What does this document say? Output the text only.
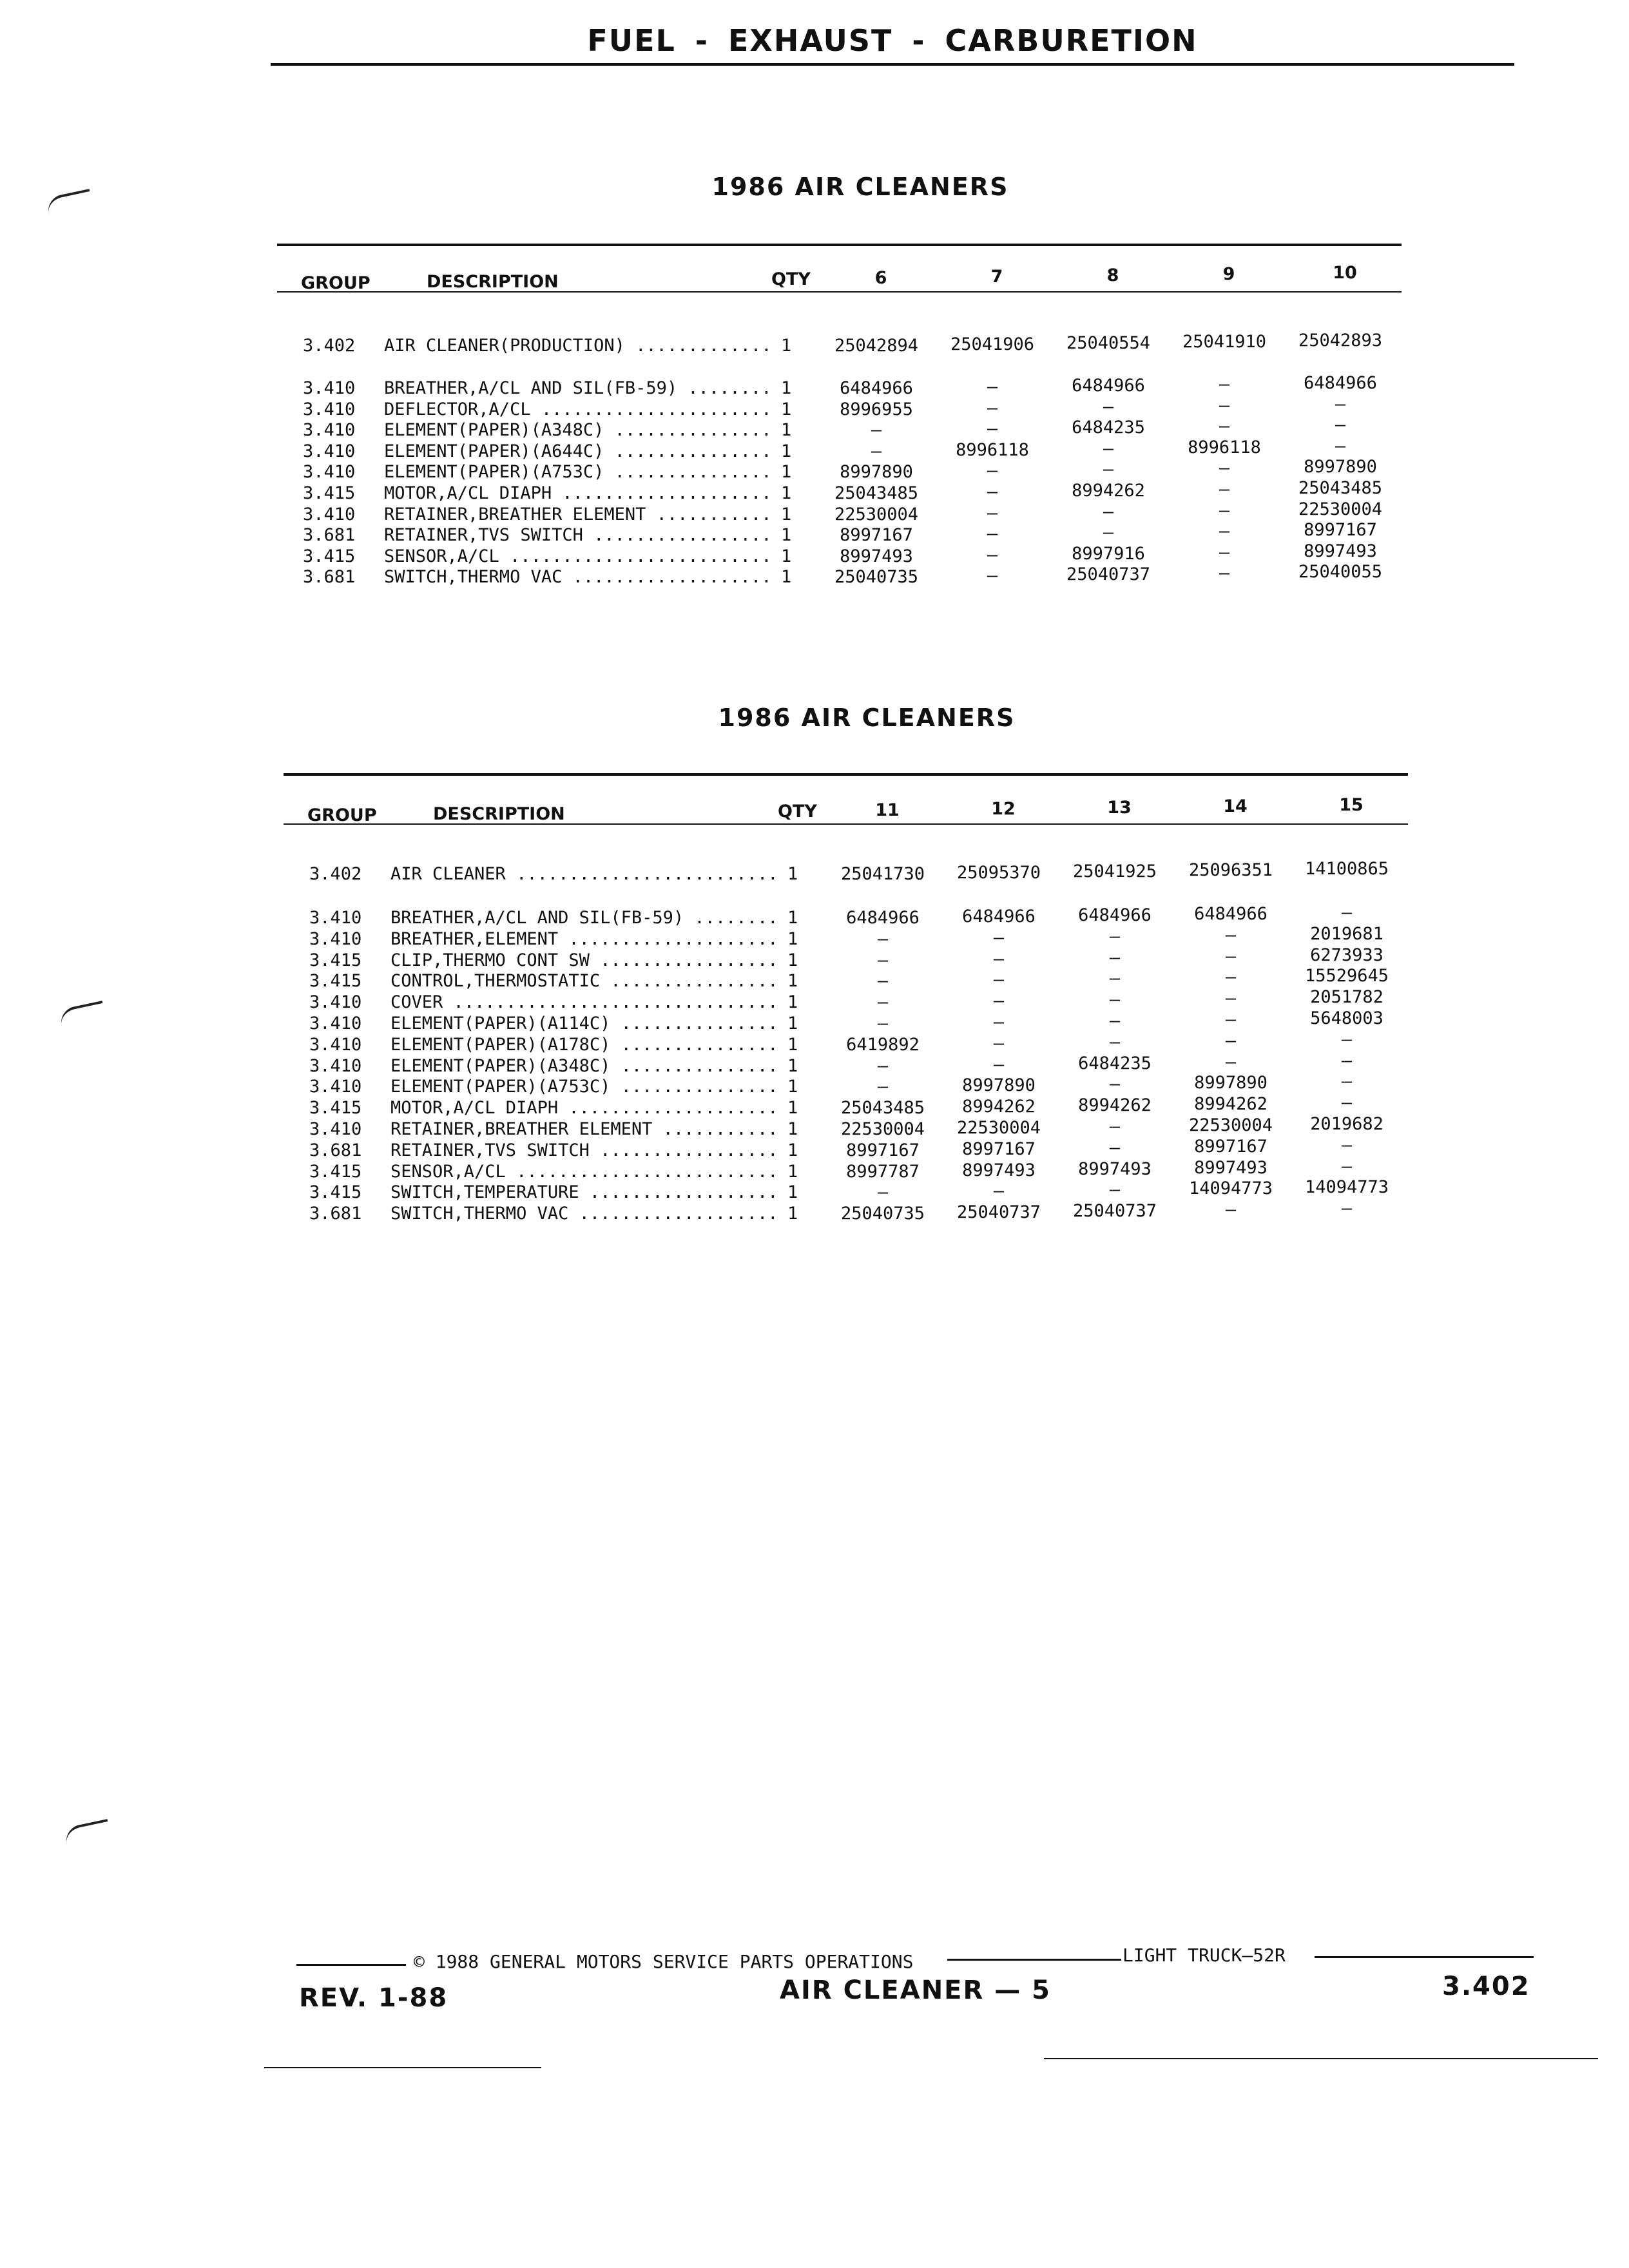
FUEL - EXHAUST - CARBURETION
1986 AIR CLEANERS
GROUP	DESCRIPTION	QTY	6	7	8	9	10
3.402	AIR CLEANER(PRODUCTION) .....	1	25042894	25041906	25040554	25041910	25042893
3.410	BREATHER,A/CL AND SIL(FB-59) .....	1	6484966	—	6484966	—	6484966
3.410	DEFLECTOR,A/CL .....	1	8996955	—	—	—	—
3.410	ELEMENT(PAPER)(A348C) .....	1	—	—	6484235	—	—
3.410	ELEMENT(PAPER)(A644C) .....	1	—	8996118	—	8996118	—
3.410	ELEMENT(PAPER)(A753C) .....	1	8997890	—	—	—	8997890
3.415	MOTOR,A/CL DIAPH .....	1	25043485	—	8994262	—	25043485
3.410	RETAINER,BREATHER ELEMENT .....	1	22530004	—	—	—	22530004
3.681	RETAINER,TVS SWITCH .....	1	8997167	—	—	—	8997167
3.415	SENSOR,A/CL .....	1	8997493	—	8997916	—	8997493
3.681	SWITCH,THERMO VAC .....	1	25040735	—	25040737	—	25040055
1986 AIR CLEANERS
GROUP	DESCRIPTION	QTY	11	12	13	14	15
3.402	AIR CLEANER .....	1	25041730	25095370	25041925	25096351	14100865
3.410	BREATHER,A/CL AND SIL(FB-59) .....	1	6484966	6484966	6484966	6484966	—
3.410	BREATHER,ELEMENT .....	1	—	—	—	—	2019681
3.415	CLIP,THERMO CONT SW .....	1	—	—	—	—	6273933
3.415	CONTROL,THERMOSTATIC .....	1	—	—	—	—	15529645
3.410	COVER .....	1	—	—	—	—	2051782
3.410	ELEMENT(PAPER)(A114C) .....	1	—	—	—	—	5648003
3.410	ELEMENT(PAPER)(A178C) .....	1	6419892	—	—	—	—
3.410	ELEMENT(PAPER)(A348C) .....	1	—	—	6484235	—	—
3.410	ELEMENT(PAPER)(A753C) .....	1	—	8997890	—	8997890	—
3.415	MOTOR,A/CL DIAPH .....	1	25043485	8994262	8994262	8994262	—
3.410	RETAINER,BREATHER ELEMENT .....	1	22530004	22530004	—	22530004	2019682
3.681	RETAINER,TVS SWITCH .....	1	8997167	8997167	—	8997167	—
3.415	SENSOR,A/CL .....	1	8997787	8997493	8997493	8997493	—
3.415	SWITCH,TEMPERATURE .....	1	—	—	—	14094773	14094773
3.681	SWITCH,THERMO VAC .....	1	25040735	25040737	25040737	—	—
© 1988 GENERAL MOTORS SERVICE PARTS OPERATIONS	LIGHT TRUCK—52R
REV. 1-88	AIR CLEANER — 5	3.402
